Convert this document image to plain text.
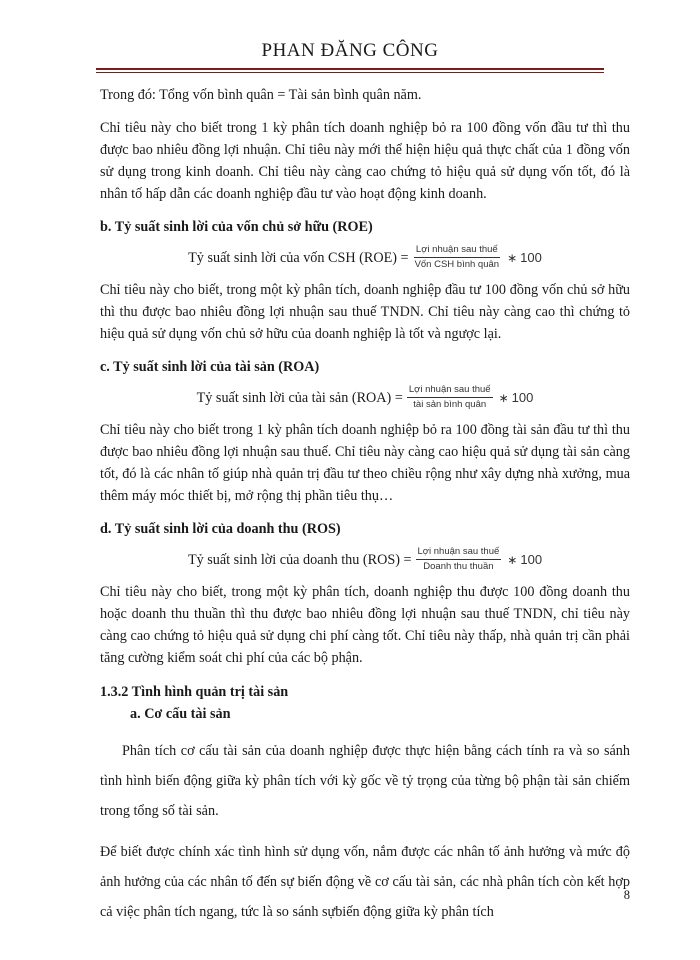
PHAN ĐĂNG CÔNG

Trong đó: Tổng vốn bình quân = Tài sản bình quân năm.

Chỉ tiêu này cho biết trong 1 kỳ phân tích doanh nghiệp bỏ ra 100 đồng vốn đầu tư thì thu được bao nhiêu đồng lợi nhuận. Chỉ tiêu này mới thể hiện hiệu quả thực chất của 1 đồng vốn sử dụng trong kinh doanh. Chỉ tiêu này càng cao chứng tỏ hiệu quả sử dụng vốn tốt, đó là nhân tố hấp dẫn các doanh nghiệp đầu tư vào hoạt động kinh doanh.

b. Tỷ suất sinh lời của vốn chủ sở hữu (ROE)

Tỷ suất sinh lời của vốn CSH $(ROE) = \frac{\text{Lợi nhuận sau thuế}}{\text{Vốn CSH bình quân}}$ ∗ 100

Chỉ tiêu này cho biết, trong một kỳ phân tích, doanh nghiệp đầu tư 100 đồng vốn chủ sở hữu thì thu được bao nhiêu đồng lợi nhuận sau thuế TNDN. Chỉ tiêu này càng cao thì chứng tỏ hiệu quả sử dụng vốn chủ sở hữu của doanh nghiệp là tốt và ngược lại.

c. Tỷ suất sinh lời của tài sản (ROA)

Tỷ suất sinh lời của tài sản $(ROA) = \frac{\text{Lợi nhuận sau thuế}}{\text{tài sản bình quân}}$ ∗ 100

Chỉ tiêu này cho biết trong 1 kỳ phân tích doanh nghiệp bỏ ra 100 đồng tài sản đầu tư thì thu được bao nhiêu đồng lợi nhuận sau thuế. Chỉ tiêu này càng cao hiệu quả sử dụng tài sản càng tốt, đó là các nhân tố giúp nhà quản trị đầu tư theo chiều rộng như xây dựng nhà xưởng, mua thêm máy móc thiết bị, mở rộng thị phần tiêu thụ…

d. Tỷ suất sinh lời của doanh thu (ROS)

Tỷ suất sinh lời của doanh thu $(ROS) = \frac{\text{Lợi nhuận sau thuế}}{\text{Doanh thu thuần}}$ ∗ 100

Chỉ tiêu này cho biết, trong một kỳ phân tích, doanh nghiệp thu được 100 đồng doanh thu hoặc doanh thu thuần thì thu được bao nhiêu đồng lợi nhuận sau thuế TNDN, chỉ tiêu này càng cao chứng tỏ hiệu quả sử dụng chi phí càng tốt. Chỉ tiêu này thấp, nhà quản trị cần phải tăng cường kiểm soát chi phí của các bộ phận.

1.3.2 Tình hình quản trị tài sản

a. Cơ cấu tài sản

Phân tích cơ cấu tài sản của doanh nghiệp được thực hiện bằng cách tính ra và so sánh tình hình biến động giữa kỳ phân tích với kỳ gốc về tỷ trọng của từng bộ phận tài sản chiếm trong tổng số tài sản.

Để biết được chính xác tình hình sử dụng vốn, nắm được các nhân tố ảnh hưởng và mức độ ảnh hưởng của các nhân tố đến sự biến động về cơ cấu tài sản, các nhà phân tích còn kết hợp cả việc phân tích ngang, tức là so sánh sựbiến động giữa kỳ phân tích

8
